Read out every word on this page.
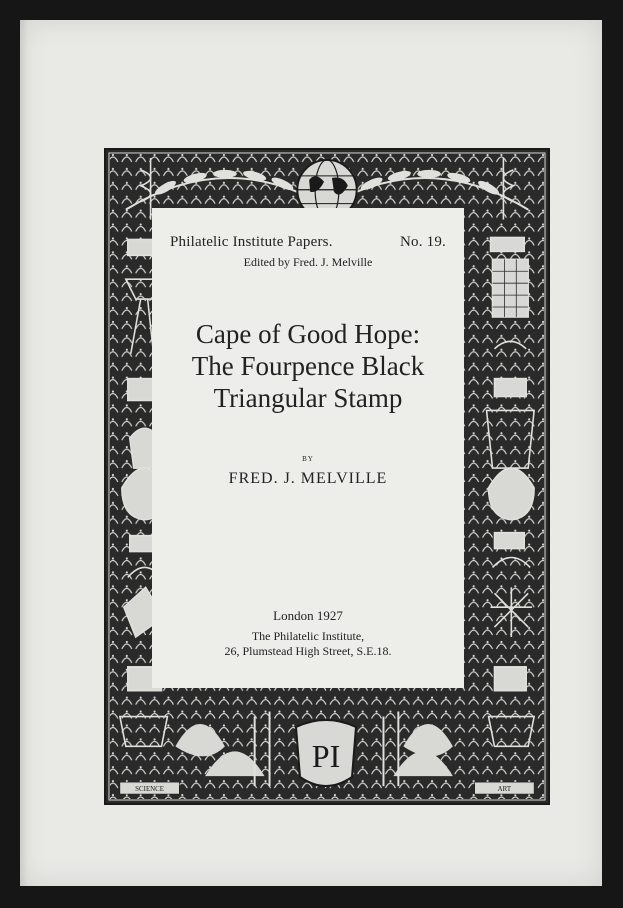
SCIENCE	ART
PI
Philatelic Institute Papers.	No. 19.
Edited by Fred. J. Melville
Cape of Good Hope:
The Fourpence Black
Triangular Stamp
BY
FRED. J. MELVILLE
London 1927
The Philatelic Institute,
26, Plumstead High Street, S.E.18.
